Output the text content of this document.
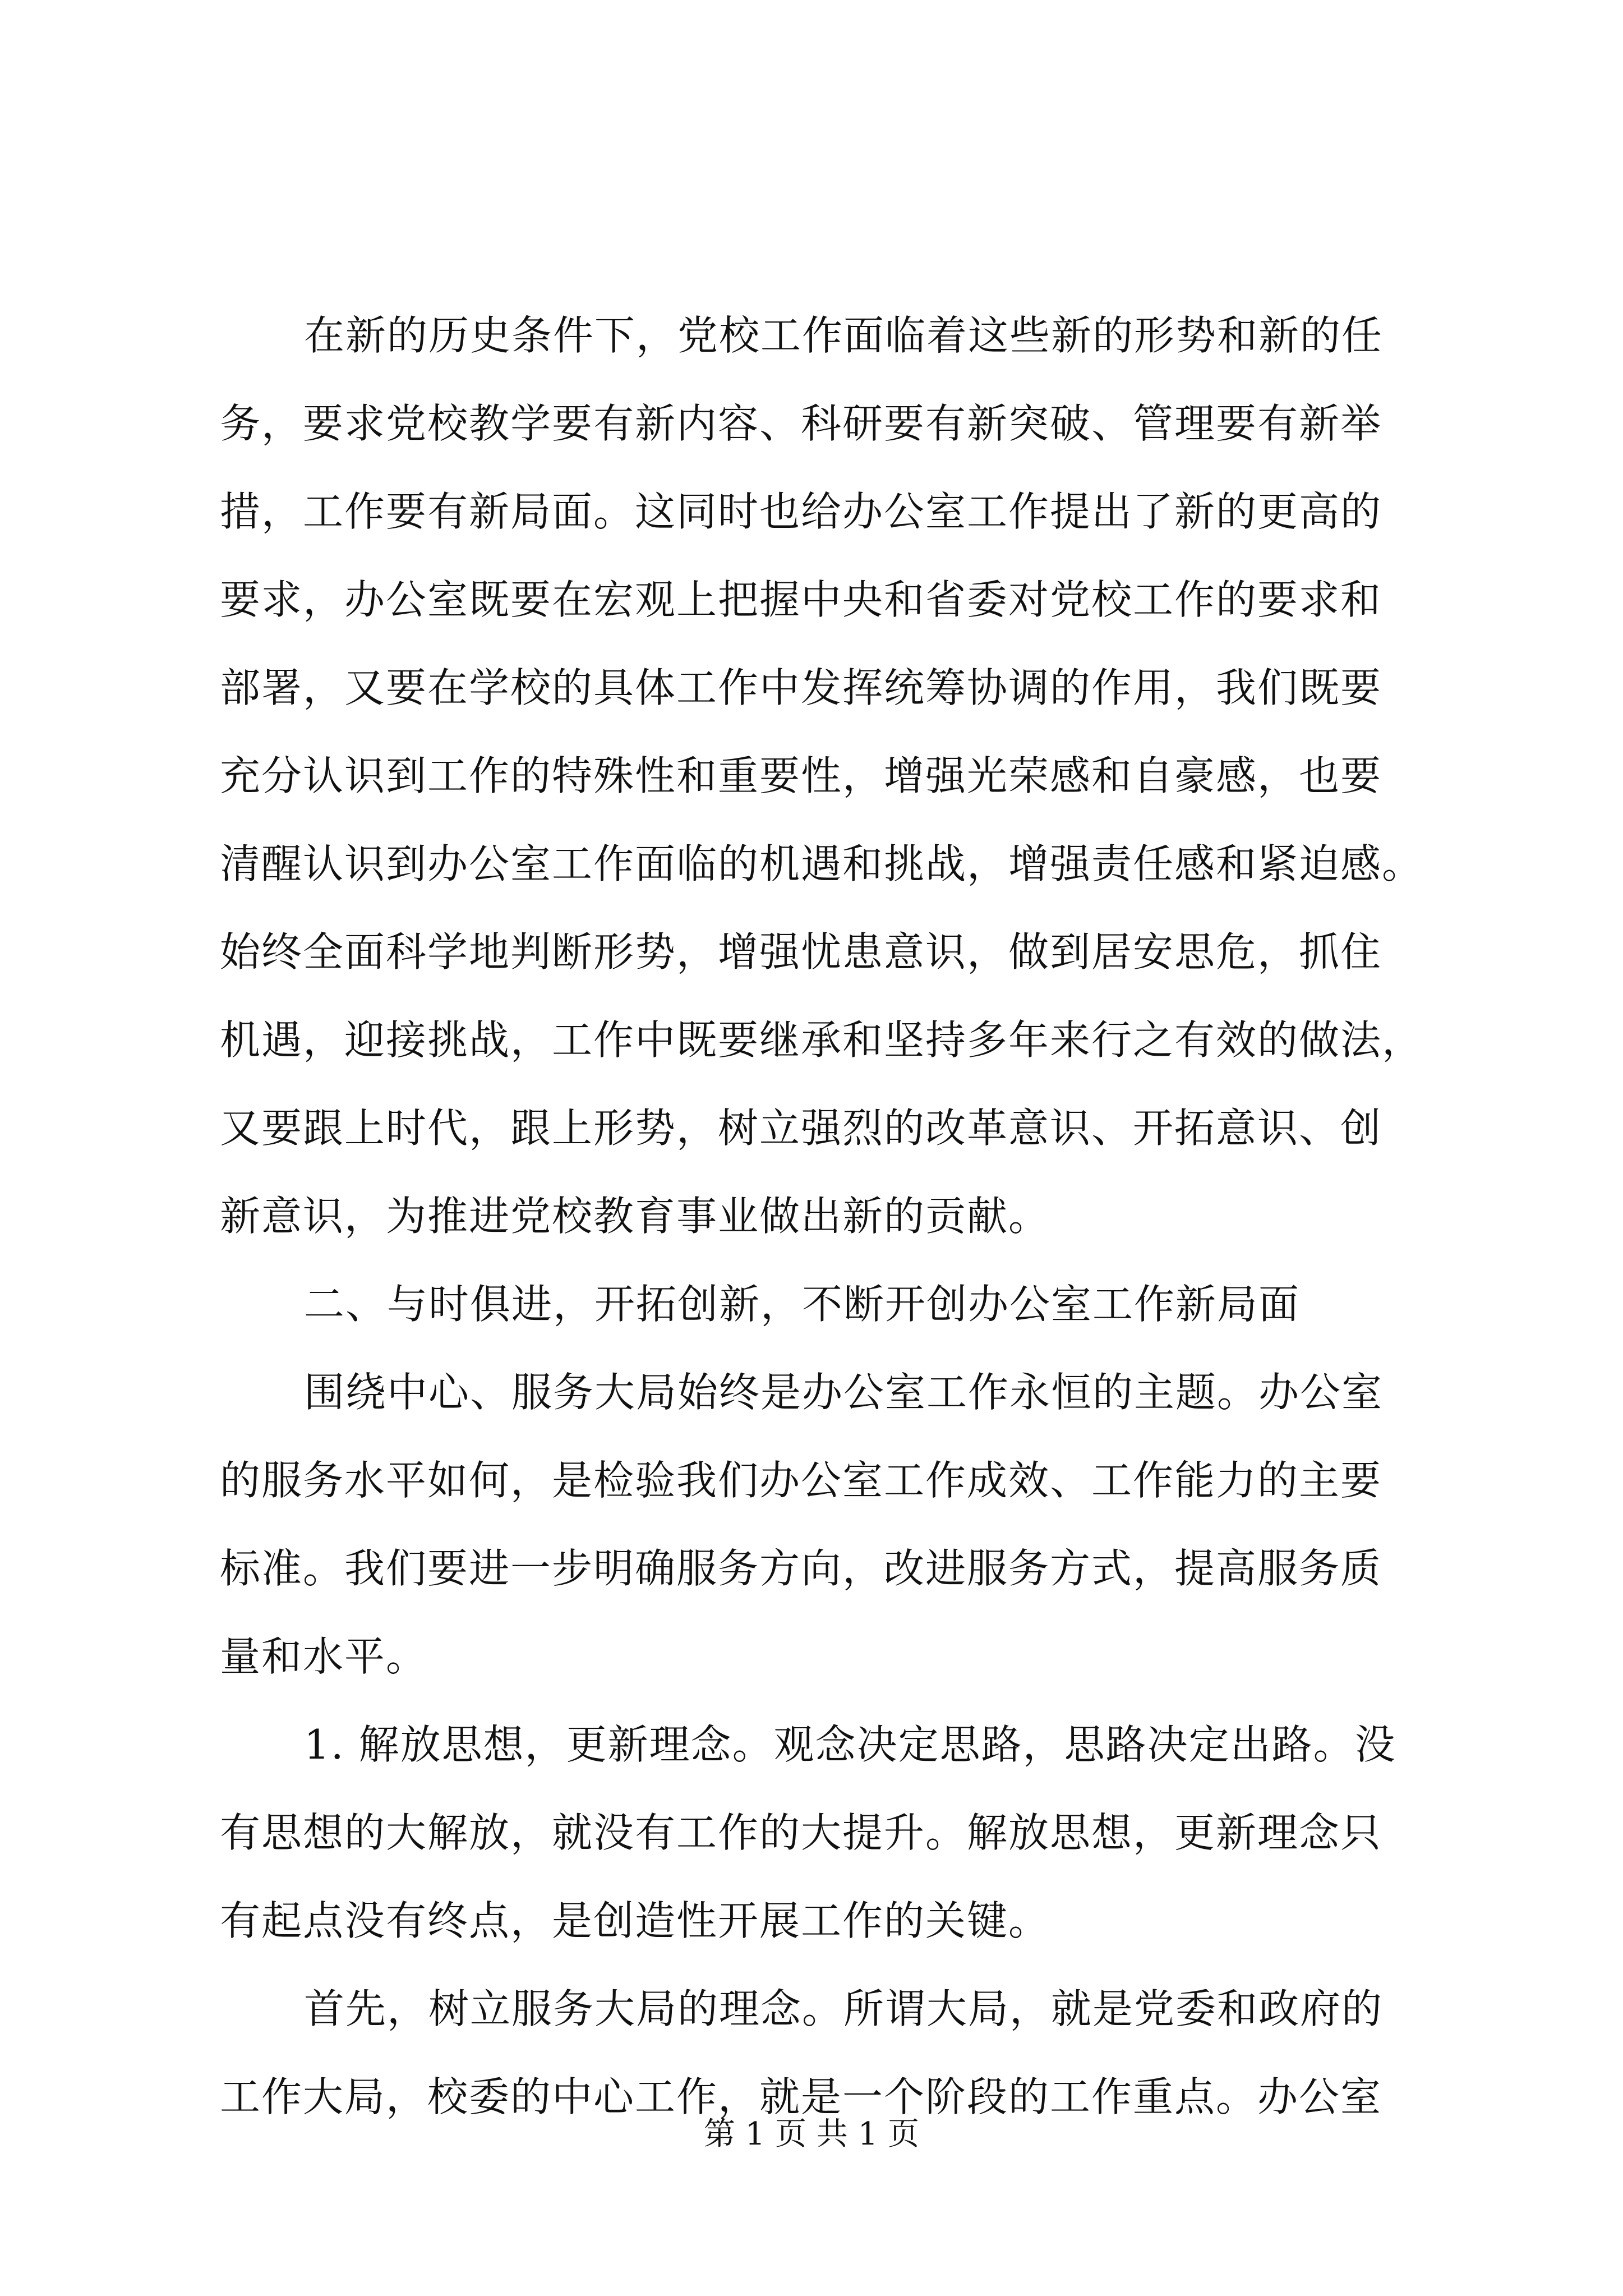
在新的历史条件下，党校工作面临着这些新的形势和新的任
务，要求党校教学要有新内容、科研要有新突破、管理要有新举
措，工作要有新局面。这同时也给办公室工作提出了新的更高的
要求，办公室既要在宏观上把握中央和省委对党校工作的要求和
部署，又要在学校的具体工作中发挥统筹协调的作用，我们既要
充分认识到工作的特殊性和重要性，增强光荣感和自豪感，也要
清醒认识到办公室工作面临的机遇和挑战，增强责任感和紧迫感。
始终全面科学地判断形势，增强忧患意识，做到居安思危，抓住
机遇，迎接挑战，工作中既要继承和坚持多年来行之有效的做法，
又要跟上时代，跟上形势，树立强烈的改革意识、开拓意识、创
新意识，为推进党校教育事业做出新的贡献。
二、与时俱进，开拓创新，不断开创办公室工作新局面
围绕中心、服务大局始终是办公室工作永恒的主题。办公室
的服务水平如何，是检验我们办公室工作成效、工作能力的主要
标准。我们要进一步明确服务方向，改进服务方式，提高服务质
量和水平。
1. 解放思想，更新理念。观念决定思路，思路决定出路。没
有思想的大解放，就没有工作的大提升。解放思想，更新理念只
有起点没有终点，是创造性开展工作的关键。
首先，树立服务大局的理念。所谓大局，就是党委和政府的
工作大局，校委的中心工作，就是一个阶段的工作重点。办公室
第 1 页 共 1 页
